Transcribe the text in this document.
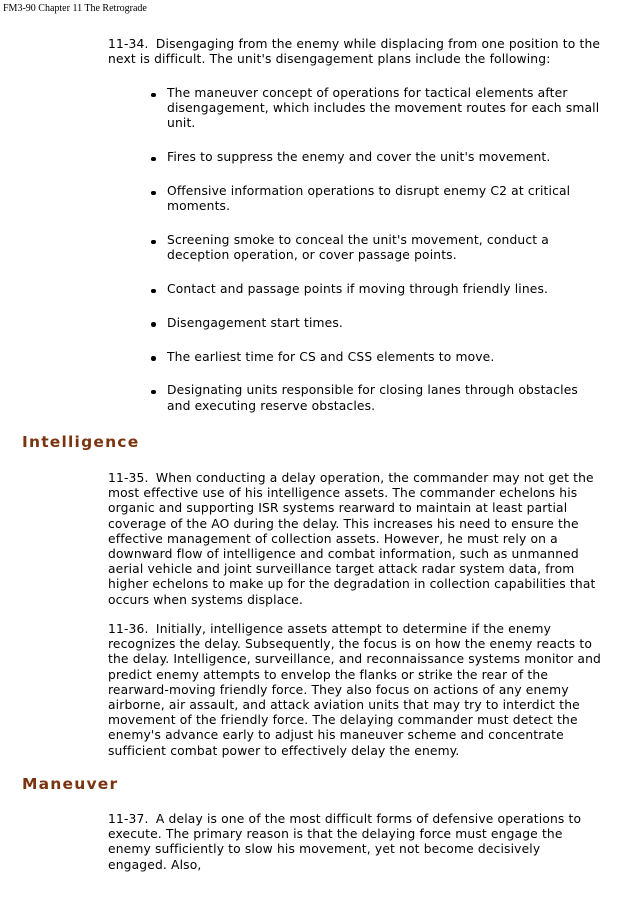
FM3-90 Chapter 11 The Retrograde

11-34. Disengaging from the enemy while displacing from one position to the next is difficult. The unit's disengagement plans include the following:

The maneuver concept of operations for tactical elements after disengagement, which includes the movement routes for each small unit.
Fires to suppress the enemy and cover the unit's movement.
Offensive information operations to disrupt enemy C2 at critical moments.
Screening smoke to conceal the unit's movement, conduct a deception operation, or cover passage points.
Contact and passage points if moving through friendly lines.
Disengagement start times.
The earliest time for CS and CSS elements to move.
Designating units responsible for closing lanes through obstacles and executing reserve obstacles.
Intelligence

11-35. When conducting a delay operation, the commander may not get the most effective use of his intelligence assets. The commander echelons his organic and supporting ISR systems rearward to maintain at least partial coverage of the AO during the delay. This increases his need to ensure the effective management of collection assets. However, he must rely on a downward flow of intelligence and combat information, such as unmanned aerial vehicle and joint surveillance target attack radar system data, from higher echelons to make up for the degradation in collection capabilities that occurs when systems displace.

11-36. Initially, intelligence assets attempt to determine if the enemy recognizes the delay. Subsequently, the focus is on how the enemy reacts to the delay. Intelligence, surveillance, and reconnaissance systems monitor and predict enemy attempts to envelop the flanks or strike the rear of the rearward-moving friendly force. They also focus on actions of any enemy airborne, air assault, and attack aviation units that may try to interdict the movement of the friendly force. The delaying commander must detect the enemy's advance early to adjust his maneuver scheme and concentrate sufficient combat power to effectively delay the enemy.

Maneuver

11-37. A delay is one of the most difficult forms of defensive operations to execute. The primary reason is that the delaying force must engage the enemy sufficiently to slow his movement, yet not become decisively engaged. Also,
